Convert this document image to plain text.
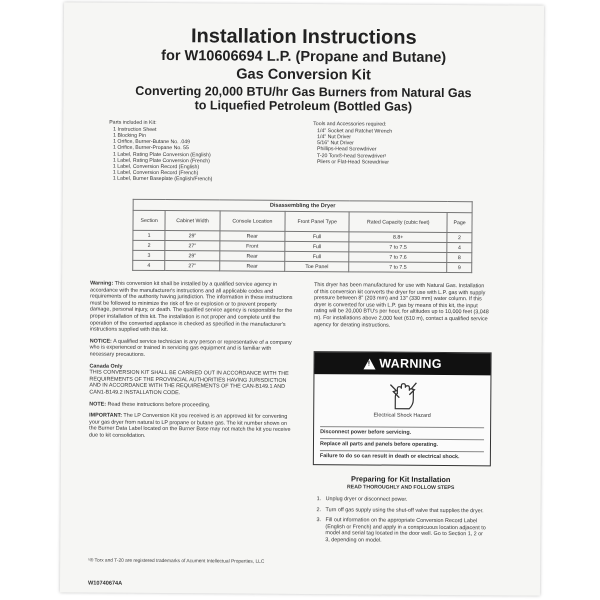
Installation Instructions
for W10606694 L.P. (Propane and Butane)
Gas Conversion Kit
Converting 20,000 BTU/hr Gas Burners from Natural Gas
to Liquefied Petroleum (Bottled Gas)
Parts included in Kit:
1 Instruction Sheet
1 Blocking Pin
1 Orifice, Burner-Butane No. .049
1 Orifice, Burner-Propane No. 55
1 Label, Rating Plate Conversion (English)
1 Label, Rating Plate Conversion (French)
1 Label, Conversion Record (English)
1 Label, Conversion Record (French)
1 Label, Burner Baseplate (English/French)
Tools and Accessories required:
1/4" Socket and Ratchet Wrench
1/4" Nut Driver
5/16" Nut Driver
Phillips-Head Screwdriver
T-20 Torx®-head Screwdriver¹
Pliers or Flat-Head Screwdriver
Disassembling the Dryer					
Section	Cabinet Width	Console Location	Front Panel Type	Rated Capacity (cubic feet)	Page
1	29"	Rear	Full	8.8+	2
2	27"	Front	Full	7 to 7.5	4
3	29"	Rear	Full	7 to 7.6	8
4	27"	Rear	Toe Panel	7 to 7.5	9

Warning: This conversion kit shall be installed by a qualified service agency in accordance with the manufacturer's instructions and all applicable codes and requirements of the authority having jurisdiction. The information in these instructions must be followed to minimize the risk of fire or explosion or to prevent property damage, personal injury, or death. The qualified service agency is responsible for the proper installation of this kit. The installation is not proper and complete until the operation of the converted appliance is checked as specified in the manufacturer's instructions supplied with this kit.

NOTICE: A qualified service technician is any person or representative of a company who is experienced or trained in servicing gas equipment and is familiar with necessary precautions.

Canada Only
THIS CONVERSION KIT SHALL BE CARRIED OUT IN ACCORDANCE WITH THE REQUIREMENTS OF THE PROVINCIAL AUTHORITIES HAVING JURISDICTION AND IN ACCORDANCE WITH THE REQUIREMENTS OF THE CAN-B149.1 AND CAN1-B149.2 INSTALLATION CODE.

NOTE: Read these instructions before proceeding.

IMPORTANT: The LP Conversion Kit you received is an approved kit for converting your gas dryer from natural to LP propane or butane gas. The kit number shown on the Burner Data Label located on the Burner Base may not match the kit you receive due to kit consolidation.

¹® Torx and T-20 are registered trademarks of Acument Intellectual Properties, LLC
W10740674A

This dryer has been manufactured for use with Natural Gas. Installation of this conversion kit converts the dryer for use with L.P. gas with supply pressure between 8" (203 mm) and 13" (330 mm) water column. If this dryer is converted for use with L.P. gas by means of this kit, the input rating will be 20,000 BTU's per hour, for altitudes up to 10,000 feet (3,048 m). For installations above 2,000 feet (610 m), contact a qualified service agency for derating instructions.

! WARNING
Electrical Shock Hazard
Disconnect power before servicing.
Replace all parts and panels before operating.
Failure to do so can result in death or electrical shock.
Preparing for Kit Installation
READ THOROUGHLY AND FOLLOW STEPS
1. Unplug dryer or disconnect power.
2. Turn off gas supply using the shut-off valve that supplies the dryer.
3. Fill out information on the appropriate Conversion Record Label (English or French) and apply in a conspicuous location adjacent to model and serial tag located in the door well. Go to Section 1, 2 or 3, depending on model.
